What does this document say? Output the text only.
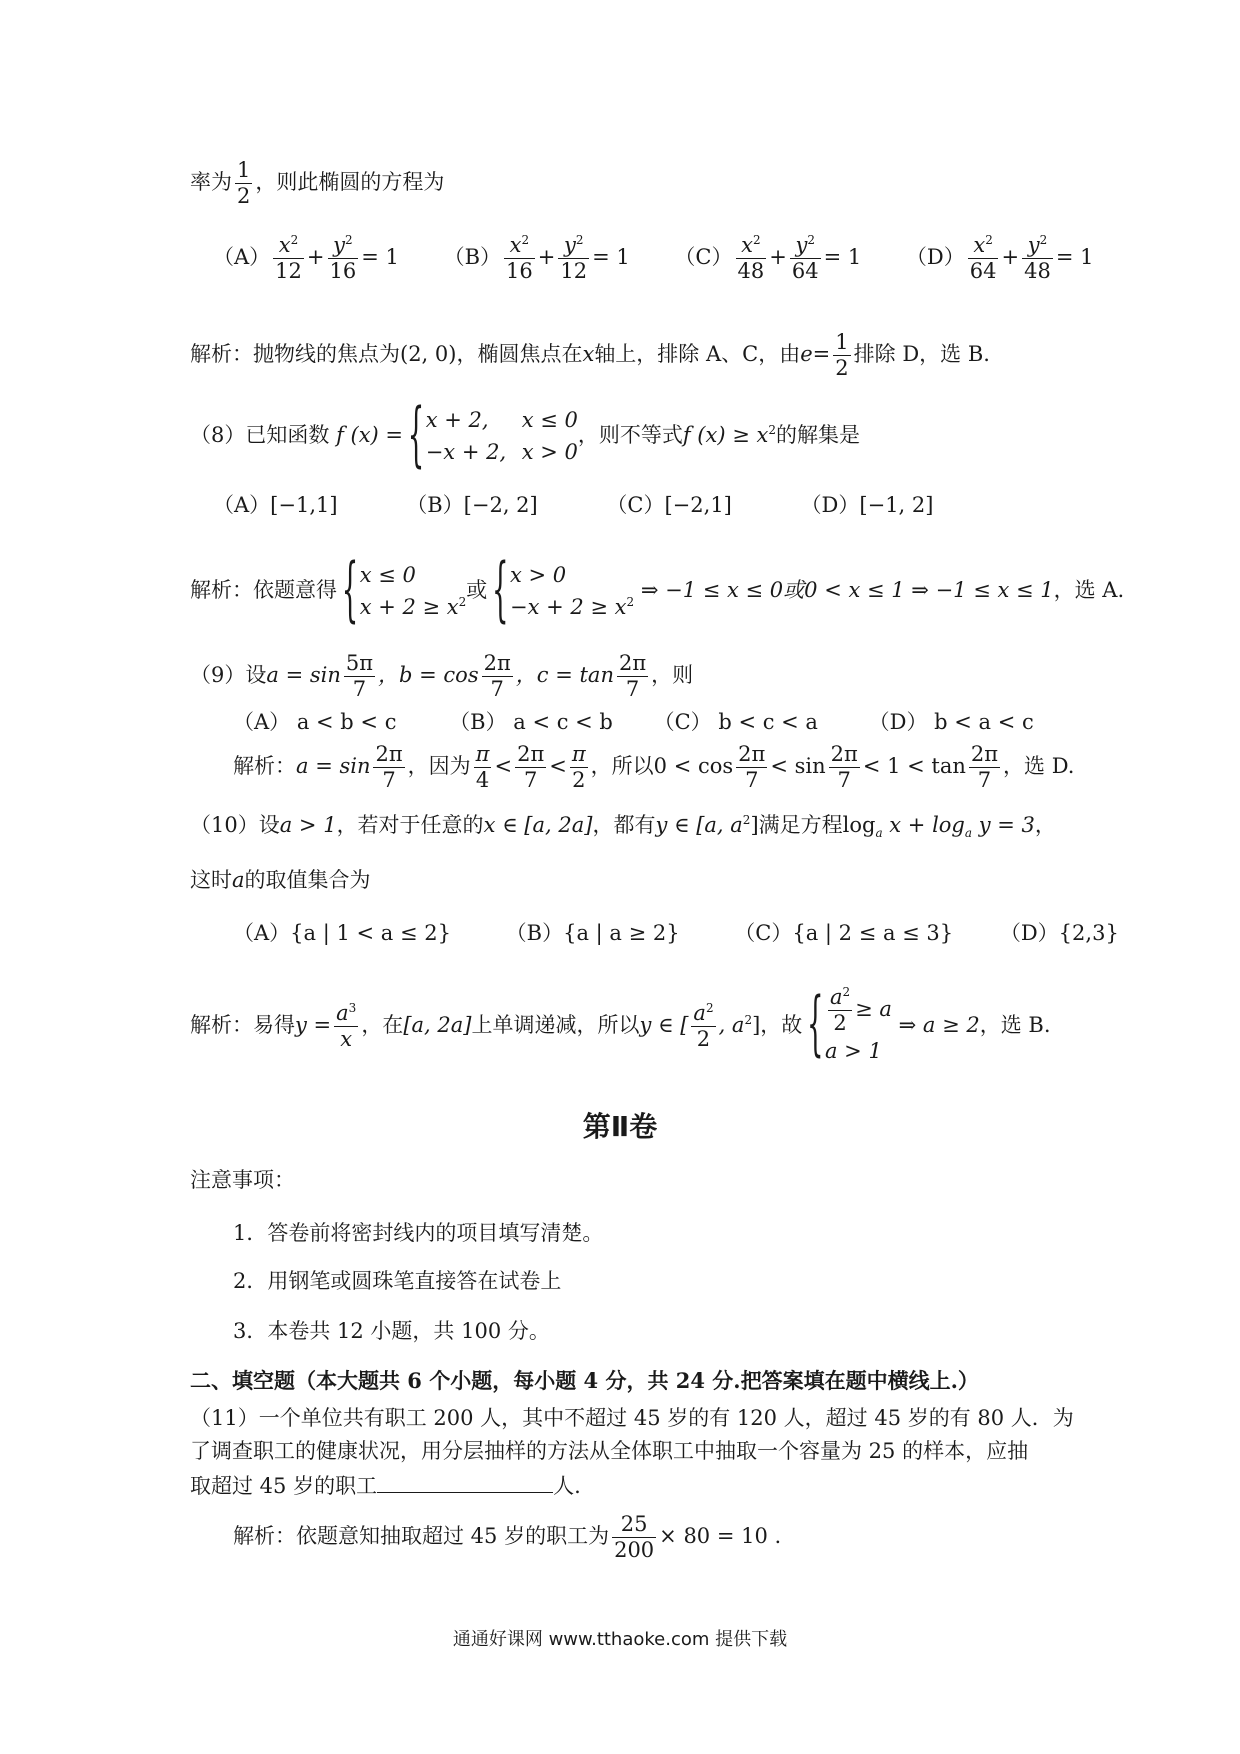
率为 $\frac{1}{2}$ ，则此椭圆的方程为
$(A) \frac{x^2}{12} + \frac{y^2}{16} = 1$ $(B) \frac{x^2}{16} + \frac{y^2}{12} = 1$ $(C) \frac{x^2}{48} + \frac{y^2}{64} = 1$ $(D) \frac{x^2}{64} + \frac{y^2}{48} = 1$
解析：抛物线的焦点为(2, 0)，椭圆焦点在x轴上，排除 A、C，由$e= \frac{1}{2}$ 排除 D，选 B.
（8）已知函数 f (x) =
{ x + 2, x ≤ 0
−x + 2, x > 0
，则不等式f $(x) \ge x^2$的解集是
（A）[−1,1]	（B）[−2, 2]	（C）[−2,1]	（D）[−1, 2]
解析：依题意得
{ x ≤ 0
$x + 2 \ge x^2$ 或
{ x > 0
$-x + 2 \ge x^2$ ⇒ −1 ≤ x ≤ 0或0 < x ≤ 1 ⇒ −1 ≤ x ≤ 1，选 A.
（9）设$a = \sin \frac{5\pi}{7}$ ，$b = \cos \frac{2\pi}{7}$ ，$c = \tan \frac{2\pi}{7}$ ，则
（A） a < b < c	（B） a < c < b （C） b < c < a （D） b < a < c
解析：$a = \sin \frac{2\pi}{7}$ ，因为 $\frac{\pi}{4} < \frac{2\pi}{7} < \frac{\pi}{2}$ ，所以$0 < \cos \frac{2\pi}{7} < \sin \frac{2\pi}{7} < 1 < \tan \frac{2\pi}{7}$ ，选 D.
（10）设a > 1，若对于任意的x ∈ [a, 2a]，都有y ∈ [a, $a^2$]满足方程$\log_a x + \log_a y = 3$，
这时a的取值集合为
（A）{a | 1 < a ≤ 2}	（B）{a | a ≥ 2}	（C）{a | 2 ≤ a ≤ 3} （D）{2,3}
解析：易得$y = \frac{a^3}{x}$ ，在[a, 2a]上单调递减，所以y ∈ [ $\frac{a^2}{2}$ , $a^2$]，故
{ $\frac{a^2}{2} \ge a$
a > 1
⇒ a ≥ 2，选 B.
第Ⅱ卷
注意事项：
1．答卷前将密封线内的项目填写清楚。
2．用钢笔或圆珠笔直接答在试卷上
3．本卷共 12 小题，共 100 分。
二、填空题（本大题共 6 个小题，每小题 4 分，共 24 分.把答案填在题中横线上.）
（11）一个单位共有职工 200 人，其中不超过 45 岁的有 120 人，超过 45 岁的有 80 人．为
了调查职工的健康状况，用分层抽样的方法从全体职工中抽取一个容量为 25 的样本，应抽
取超过 45 岁的职工	人.
解析：依题意知抽取超过 45 岁的职工为 $\frac{25}{200} \times 80 = 10$ .
通通好课网 www.tthaoke.com 提供下载
